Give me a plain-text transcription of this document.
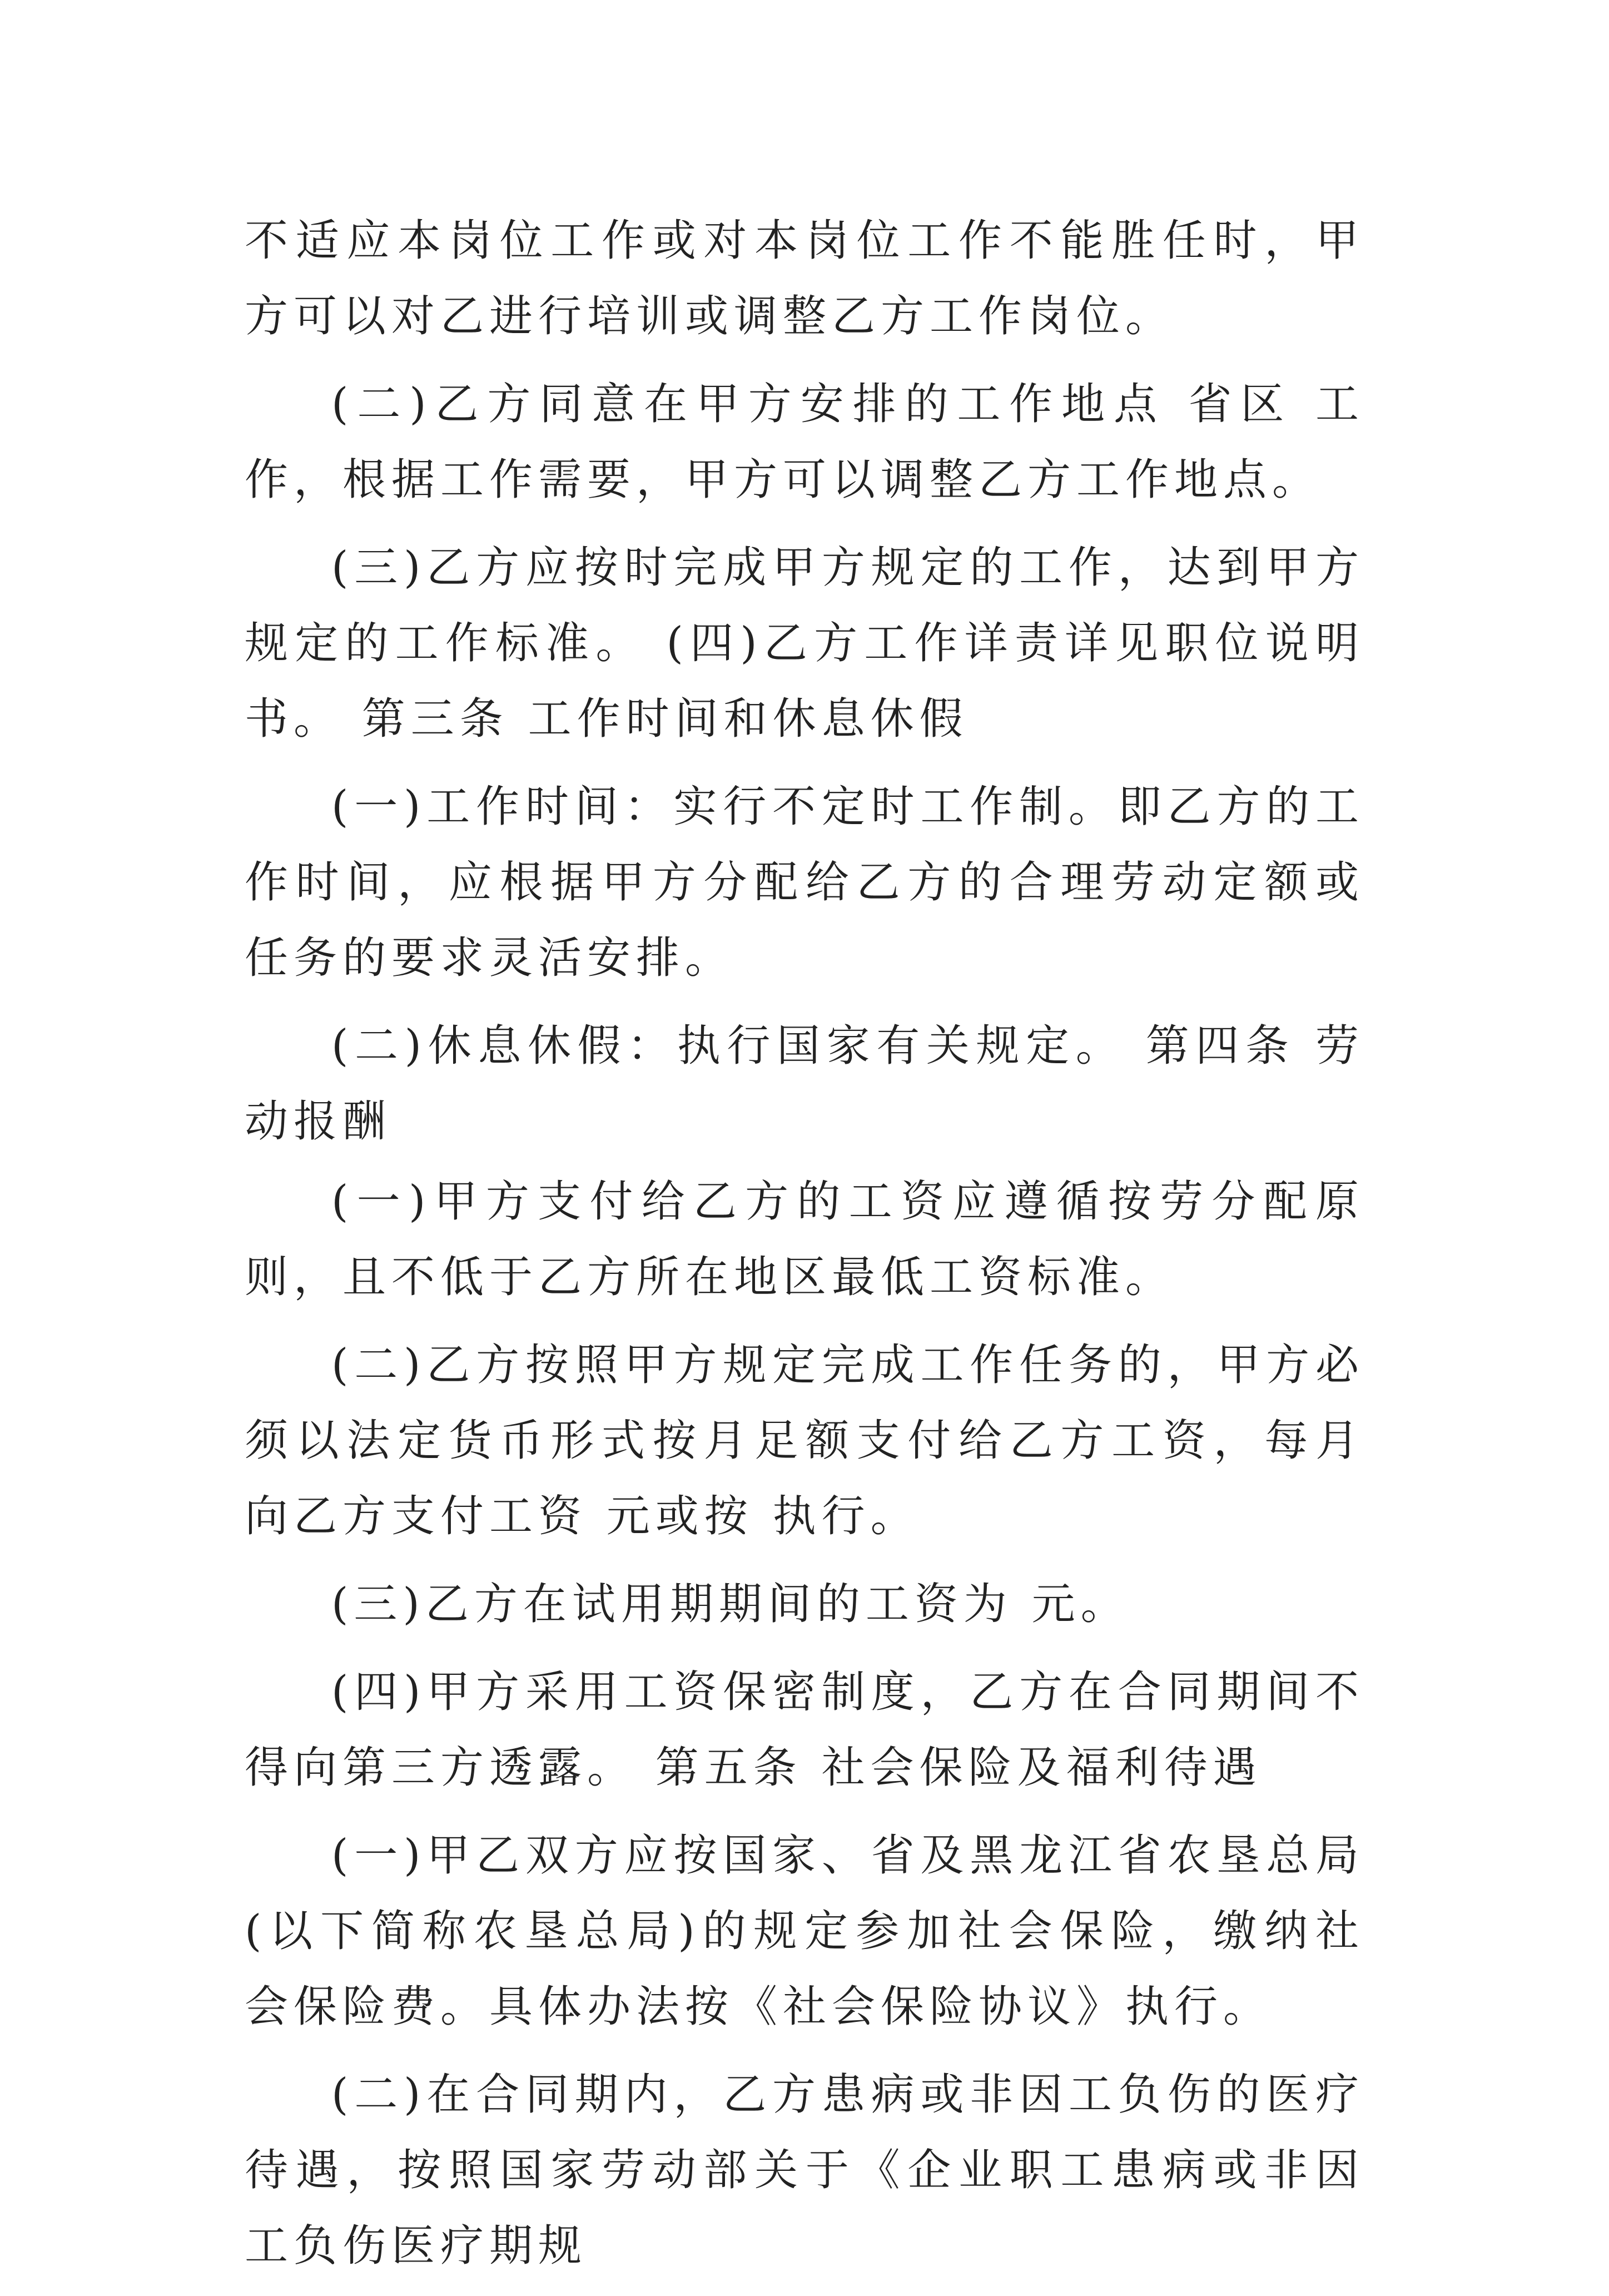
不适应本岗位工作或对本岗位工作不能胜任时，甲方可以对乙进行培训或调整乙方工作岗位。

(二)乙方同意在甲方安排的工作地点 省区 工作，根据工作需要，甲方可以调整乙方工作地点。

(三)乙方应按时完成甲方规定的工作，达到甲方规定的工作标准。 (四)乙方工作详责详见职位说明书。 第三条 工作时间和休息休假

(一)工作时间：实行不定时工作制。即乙方的工作时间，应根据甲方分配给乙方的合理劳动定额或任务的要求灵活安排。

(二)休息休假：执行国家有关规定。 第四条 劳动报酬

(一)甲方支付给乙方的工资应遵循按劳分配原则，且不低于乙方所在地区最低工资标准。

(二)乙方按照甲方规定完成工作任务的，甲方必须以法定货币形式按月足额支付给乙方工资，每月向乙方支付工资 元或按 执行。

(三)乙方在试用期期间的工资为 元。

(四)甲方采用工资保密制度，乙方在合同期间不得向第三方透露。 第五条 社会保险及福利待遇

(一)甲乙双方应按国家、省及黑龙江省农垦总局(以下简称农垦总局)的规定参加社会保险，缴纳社会保险费。具体办法按《社会保险协议》执行。

(二)在合同期内，乙方患病或非因工负伤的医疗待遇，按照国家劳动部关于《企业职工患病或非因工负伤医疗期规
